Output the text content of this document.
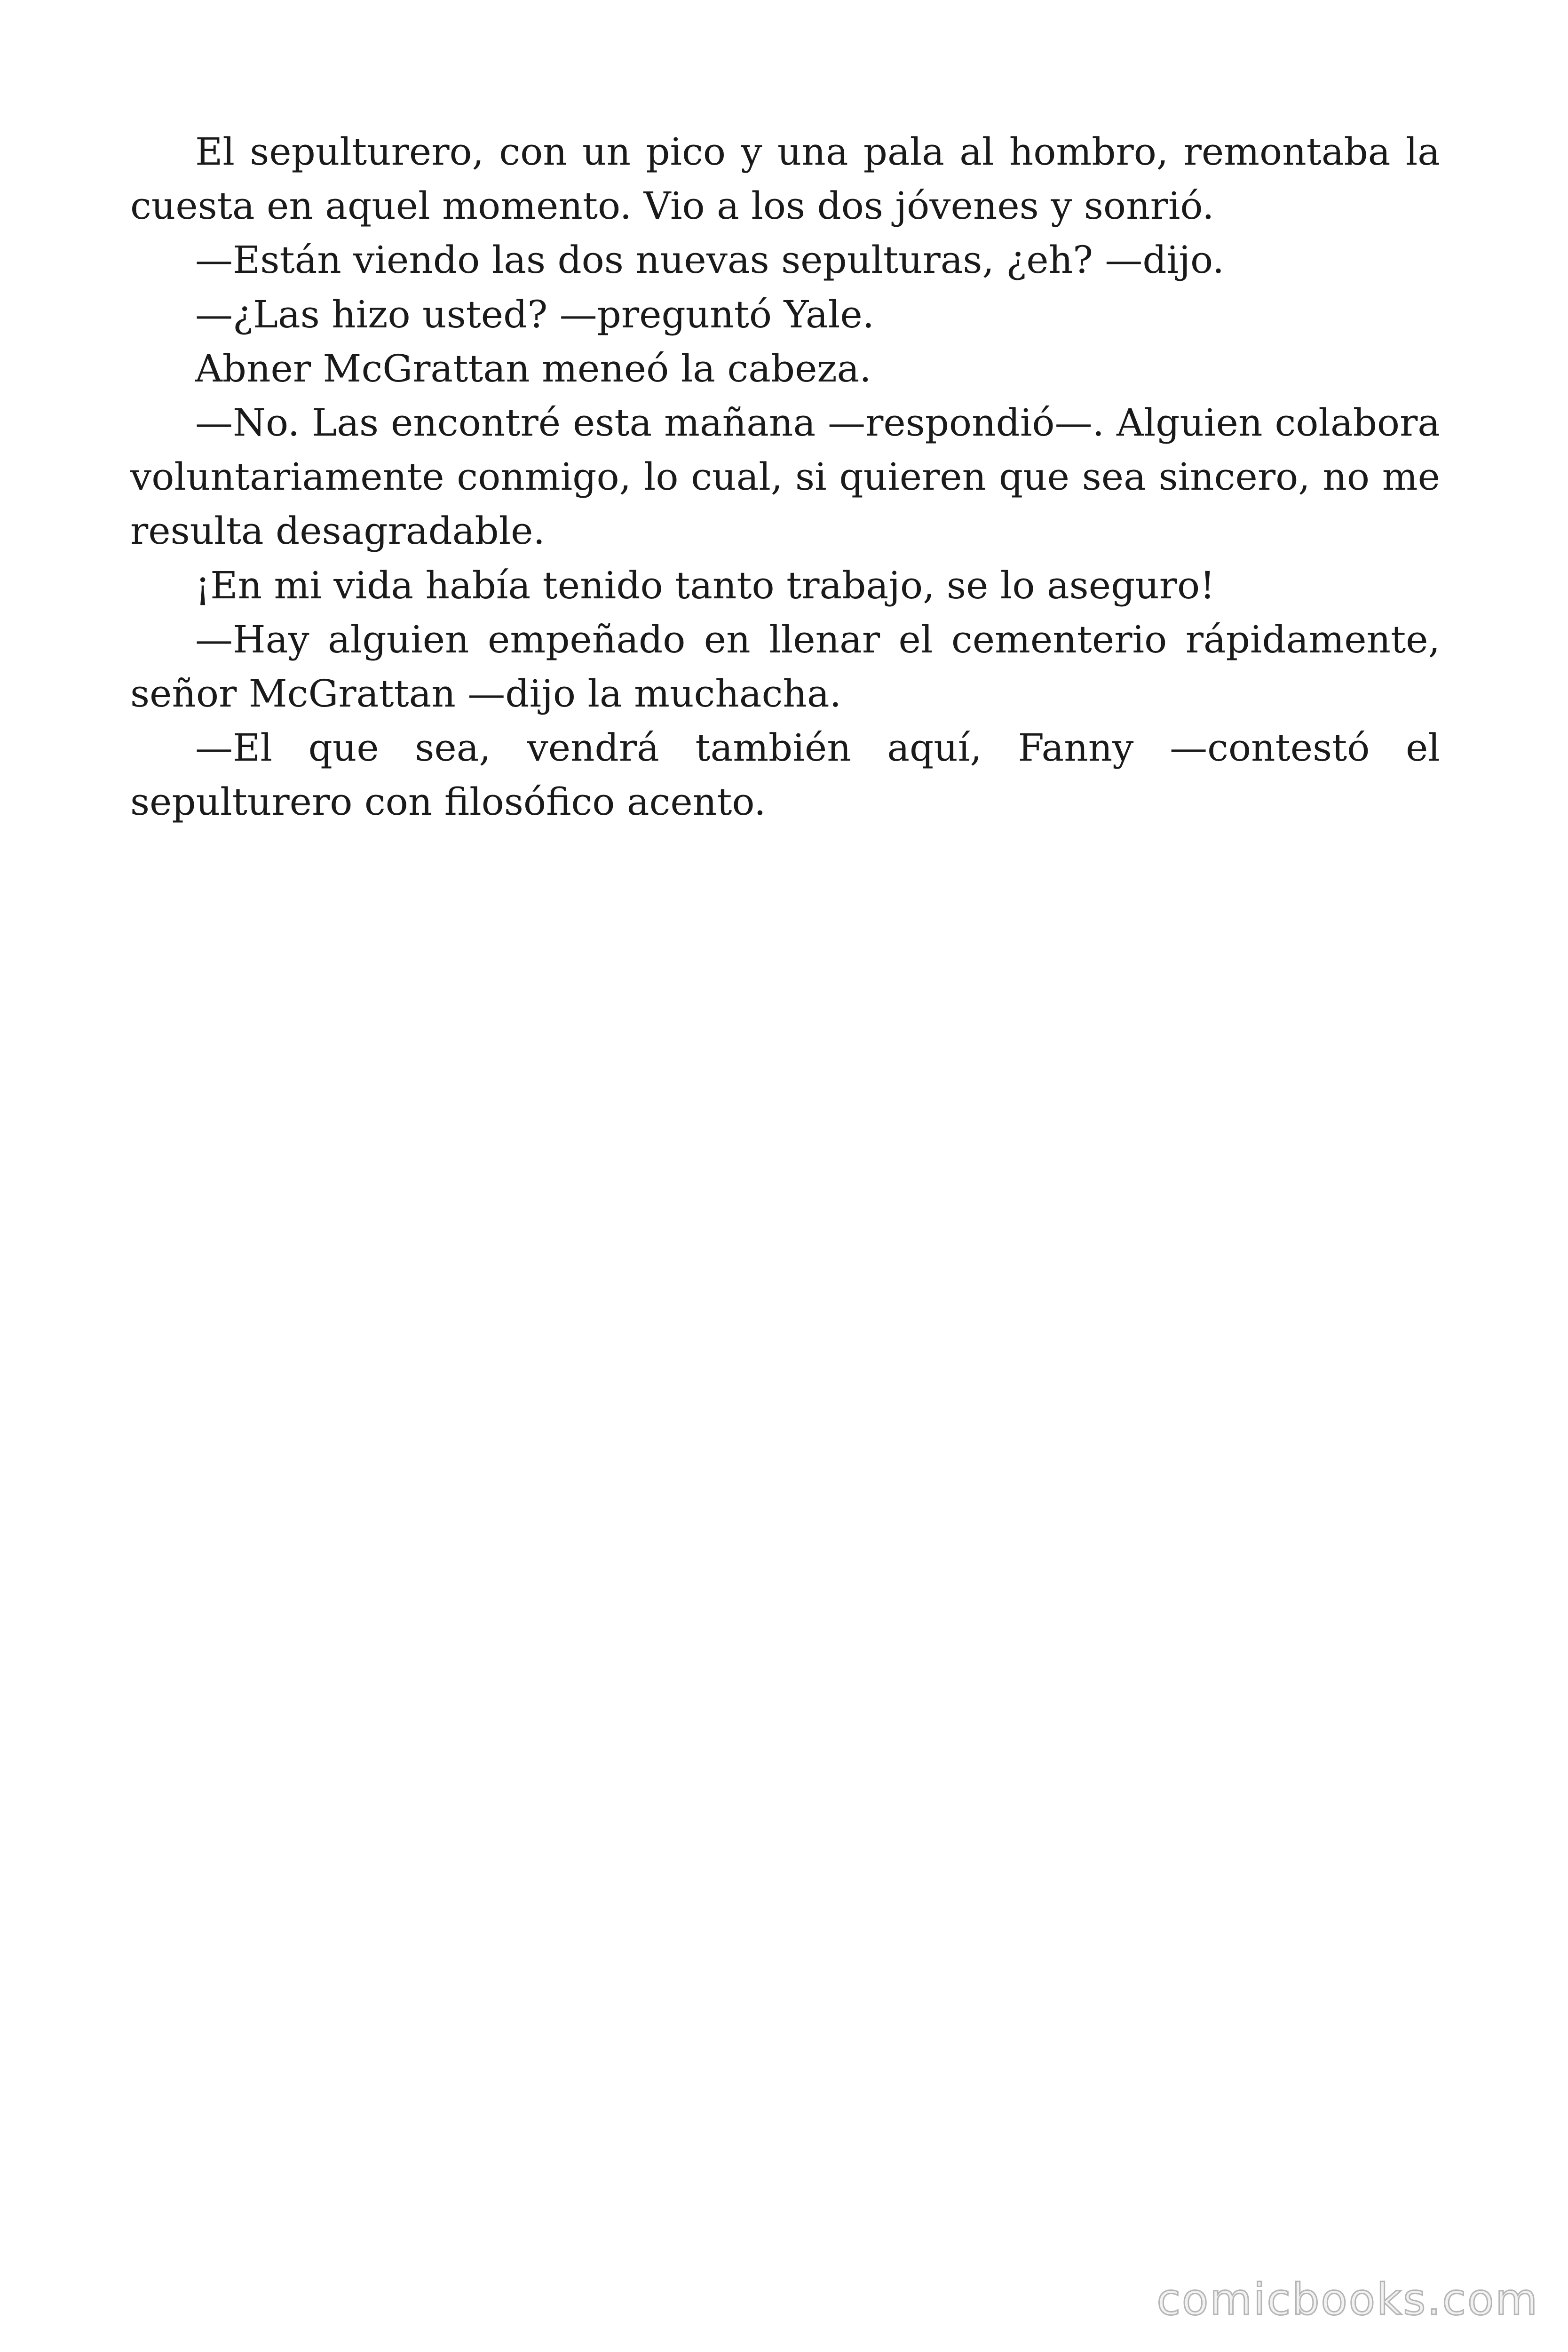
El sepulturero, con un pico y una pala al hombro, remontaba la cuesta en aquel momento. Vio a los dos jóvenes y sonrió.

—Están viendo las dos nuevas sepulturas, ¿eh? —dijo.

—¿Las hizo usted? —preguntó Yale.

Abner McGrattan meneó la cabeza.

—No. Las encontré esta mañana —respondió—. Alguien colabora voluntariamente conmigo, lo cual, si quieren que sea sincero, no me resulta desagradable.

¡En mi vida había tenido tanto trabajo, se lo aseguro!

—Hay alguien empeñado en llenar el cementerio rápidamente, señor McGrattan —dijo la muchacha.

—El que sea, vendrá también aquí, Fanny —contestó el sepulturero con filosófico acento.

comicbooks.com
